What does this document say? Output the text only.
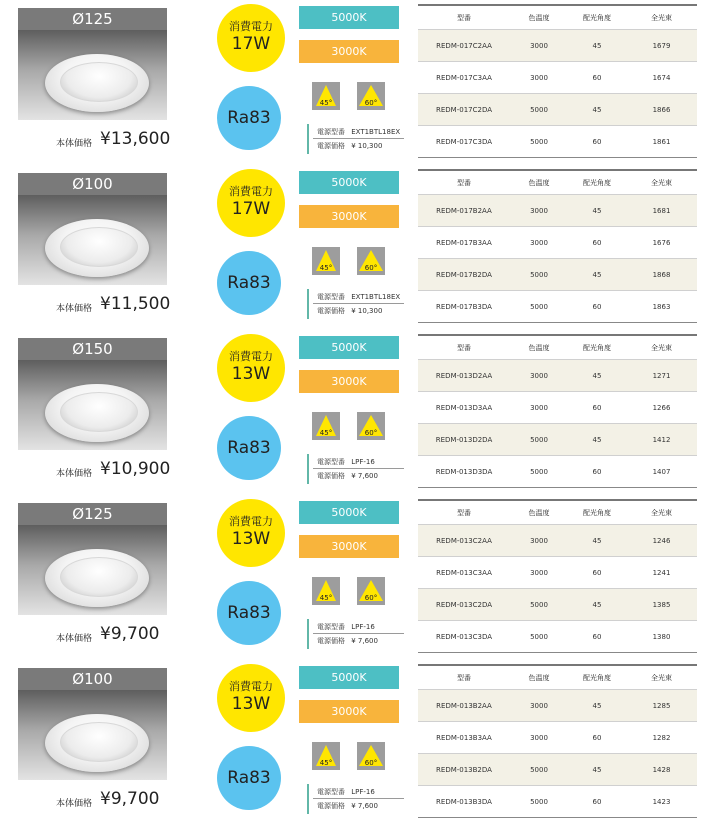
Ø125
本体価格 ¥13,600
消費電力
17W
Ra83
5000K
3000K
45°	60°
電源型番 EXT1BTL18EX
電源価格 ¥ 10,300
型番	色温度	配光角度	全光束
REDM-017C2AA	3000	45	1679
REDM-017C3AA	3000	60	1674
REDM-017C2DA	5000	45	1866
REDM-017C3DA	5000	60	1861
Ø100
本体価格 ¥11,500
消費電力
17W
Ra83
5000K
3000K
45°	60°
電源型番 EXT1BTL18EX
電源価格 ¥ 10,300
型番	色温度	配光角度	全光束
REDM-017B2AA	3000	45	1681
REDM-017B3AA	3000	60	1676
REDM-017B2DA	5000	45	1868
REDM-017B3DA	5000	60	1863
Ø150
本体価格 ¥10,900
消費電力
13W
Ra83
5000K
3000K
45°	60°
電源型番 LPF-16
電源価格 ¥ 7,600
型番	色温度	配光角度	全光束
REDM-013D2AA	3000	45	1271
REDM-013D3AA	3000	60	1266
REDM-013D2DA	5000	45	1412
REDM-013D3DA	5000	60	1407
Ø125
本体価格 ¥9,700
消費電力
13W
Ra83
5000K
3000K
45°	60°
電源型番 LPF-16
電源価格 ¥ 7,600
型番	色温度	配光角度	全光束
REDM-013C2AA	3000	45	1246
REDM-013C3AA	3000	60	1241
REDM-013C2DA	5000	45	1385
REDM-013C3DA	5000	60	1380
Ø100
本体価格 ¥9,700
消費電力
13W
Ra83
5000K
3000K
45°	60°
電源型番 LPF-16
電源価格 ¥ 7,600
型番	色温度	配光角度	全光束
REDM-013B2AA	3000	45	1285
REDM-013B3AA	3000	60	1282
REDM-013B2DA	5000	45	1428
REDM-013B3DA	5000	60	1423
